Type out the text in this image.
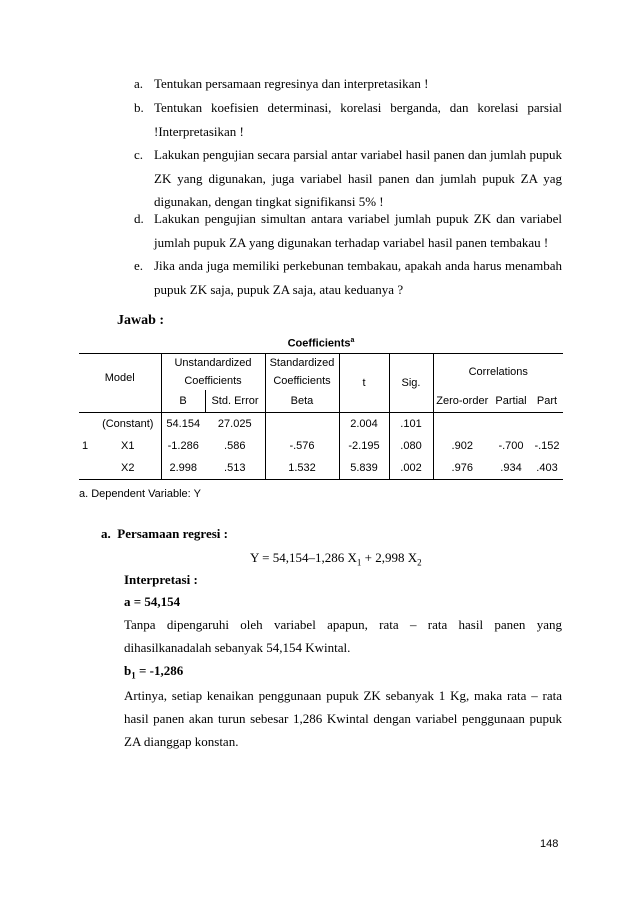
a. Tentukan persamaan regresinya dan interpretasikan !
b. Tentukan koefisien determinasi, korelasi berganda, dan korelasi parsial !Interpretasikan !
c. Lakukan pengujian secara parsial antar variabel hasil panen dan jumlah pupuk ZK yang digunakan, juga variabel hasil panen dan jumlah pupuk ZA yag digunakan, dengan tingkat signifikansi 5% !
d. Lakukan pengujian simultan antara variabel jumlah pupuk ZK dan variabel jumlah pupuk ZA yang digunakan terhadap variabel hasil panen tembakau !
e. Jika anda juga memiliki perkebunan tembakau, apakah anda harus menambah pupuk ZK saja, pupuk ZA saja, atau keduanya ?
Jawab :
Coefficients$^a$
Model		Unstandardized Coefficients		Standardized Coefficients	t	Sig.	Correlations		

		B	Std. Error	Beta			Zero-order	Partial	Part
1	(Constant)	54.154	27.025		2.004	.101			
	X1	-1.286	.586	-.576	-2.195	.080	.902	-.700	-.152
	X2	2.998	.513	1.532	5.839	.002	.976	.934	.403
a. Dependent Variable: Y
a. Persamaan regresi :
Y = 54,154–1,286 $X_1 + 2,998$ $X_2$
Interpretasi :
a = 54,154
Tanpa dipengaruhi oleh variabel apapun, rata – rata hasil panen yang
dihasilkanadalah sebanyak 54,154 Kwintal.
$b_1 = -1,286$
Artinya, setiap kenaikan penggunaan pupuk ZK sebanyak 1 Kg, maka rata – rata hasil panen akan turun sebesar 1,286 Kwintal dengan variabel penggunaan pupuk ZA dianggap konstan.
148
